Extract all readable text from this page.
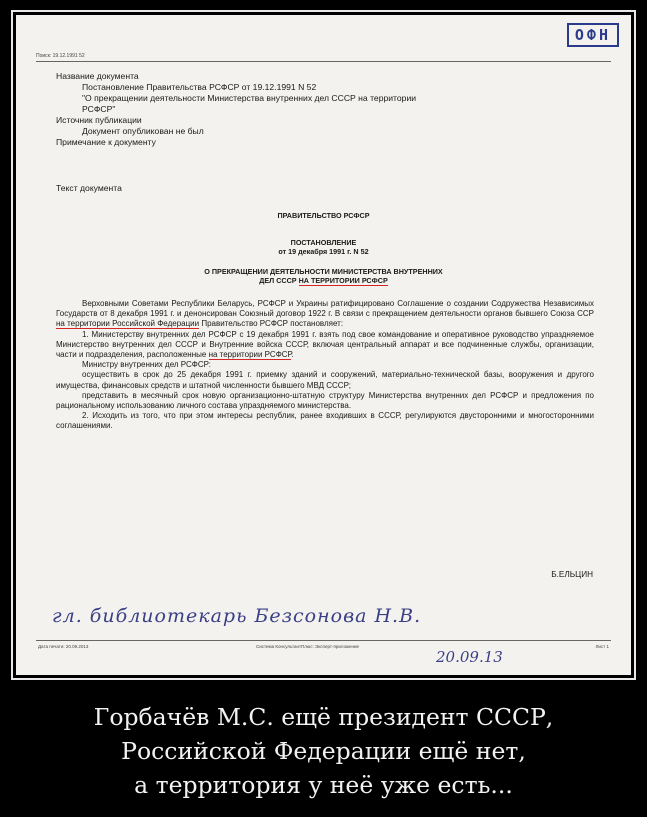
ОФН
Поиск: 19.12.1991 52
Название документа
Постановление Правительства РСФСР от 19.12.1991 N 52
"О прекращении деятельности Министерства внутренних дел СССР на территории
РСФСР"
Источник публикации
Документ опубликован не был
Примечание к документу
Текст документа
ПРАВИТЕЛЬСТВО РСФСР
ПОСТАНОВЛЕНИЕ
от 19 декабря 1991 г. N 52
О ПРЕКРАЩЕНИИ ДЕЯТЕЛЬНОСТИ МИНИСТЕРСТВА ВНУТРЕННИХ
ДЕЛ СССР НА ТЕРРИТОРИИ РСФСР

Верховными Советами Республики Беларусь, РСФСР и Украины ратифицировано Соглашение о создании Содружества Независимых Государств от 8 декабря 1991 г. и денонсирован Союзный договор 1922 г. В связи с прекращением деятельности органов бывшего Союза ССР на территории Российской Федерации Правительство РСФСР постановляет:

1. Министерству внутренних дел РСФСР с 19 декабря 1991 г. взять под свое командование и оперативное руководство упраздняемое Министерство внутренних дел СССР и Внутренние войска СССР, включая центральный аппарат и все подчиненные службы, организации, части и подразделения, расположенные на территории РСФСР.

Министру внутренних дел РСФСР:

осуществить в срок до 25 декабря 1991 г. приемку зданий и сооружений, материально-технической базы, вооружения и другого имущества, финансовых средств и штатной численности бывшего МВД СССР;

представить в месячный срок новую организационно-штатную структуру Министерства внутренних дел РСФСР и предложения по рациональному использованию личного состава упраздняемого министерства.

2. Исходить из того, что при этом интересы республик, ранее входивших в СССР, регулируются двусторонними и многосторонними соглашениями.

Б.ЕЛЬЦИН
гл. библиотекарь Безсонова Н.В.
Дата печати: 20.09.2013	Система КонсультантПлюс: Эксперт-приложение	Лист 1
20.09.13
Горбачёв М.С. ещё президент СССР,
Российской Федерации ещё нет,
а территория у неё уже есть...
